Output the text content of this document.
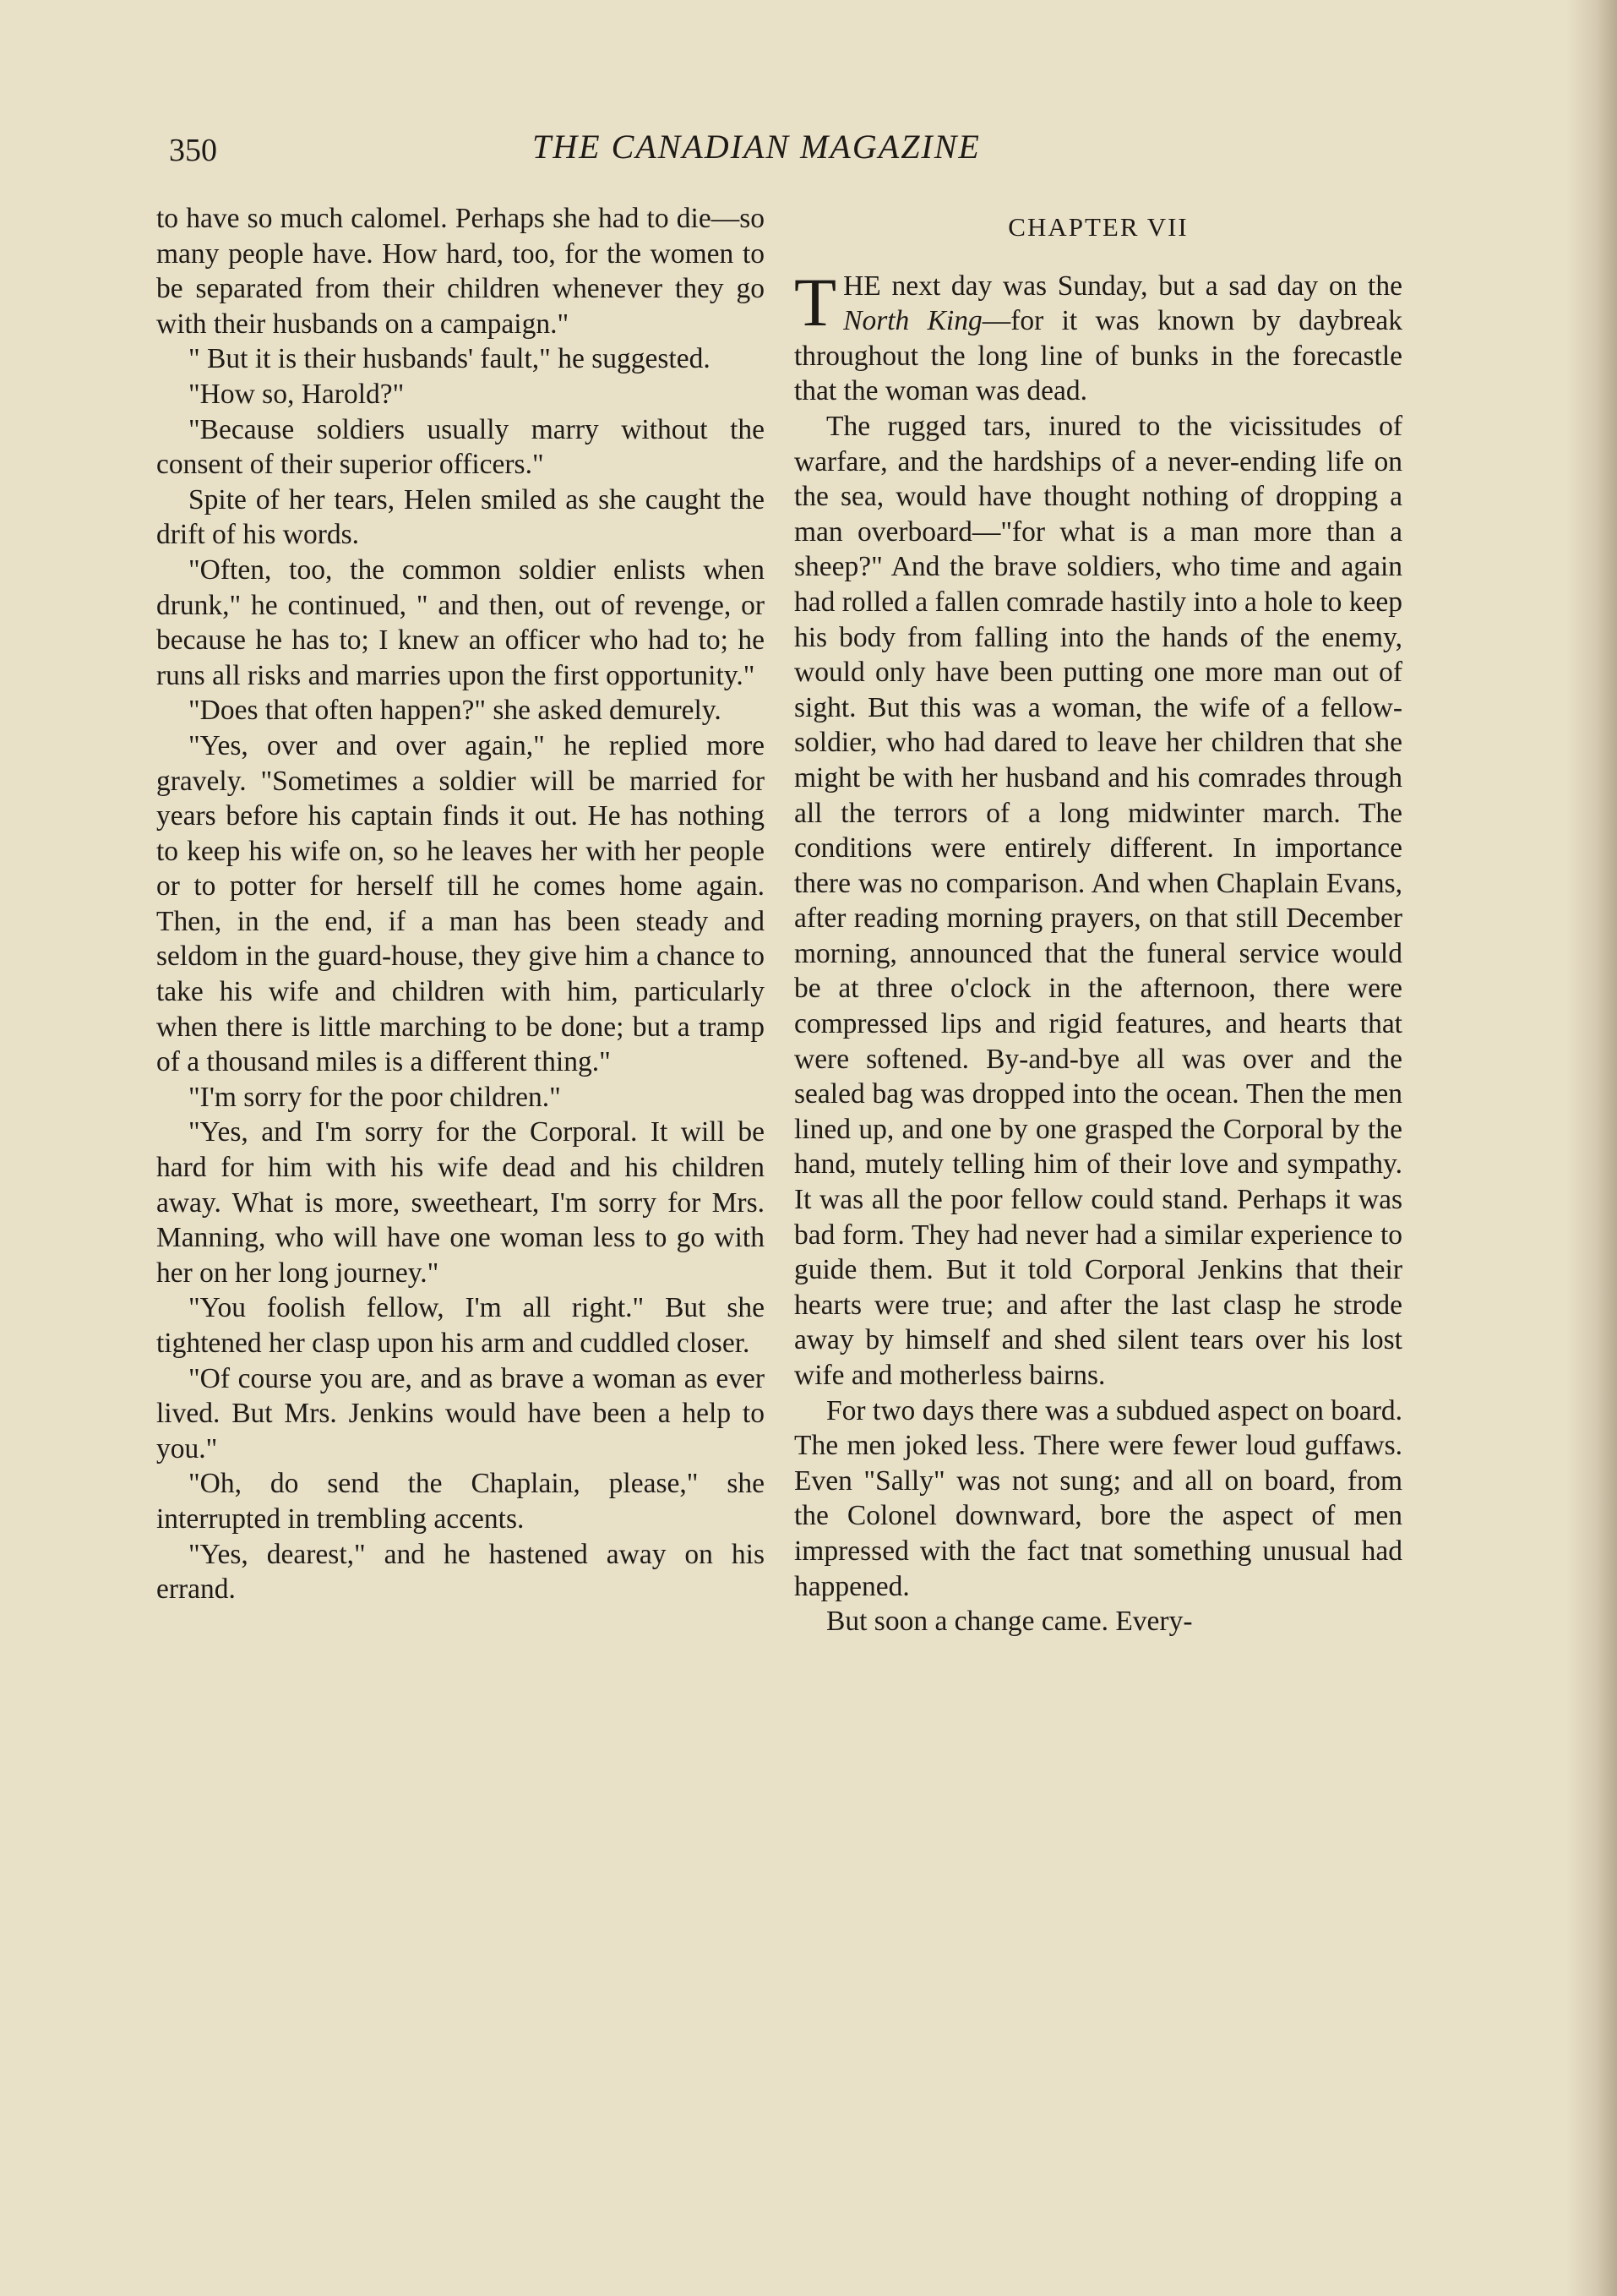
350	THE CANADIAN MAGAZINE

to have so much calomel. Perhaps she had to die—so many people have. How hard, too, for the women to be separated from their children whenever they go with their husbands on a campaign."

" But it is their husbands' fault," he suggested.

"How so, Harold?"

"Because soldiers usually marry without the consent of their superior officers."

Spite of her tears, Helen smiled as she caught the drift of his words.

"Often, too, the common soldier enlists when drunk," he continued, " and then, out of revenge, or because he has to; I knew an officer who had to; he runs all risks and marries upon the first opportunity."

"Does that often happen?" she asked demurely.

"Yes, over and over again," he replied more gravely. "Sometimes a soldier will be married for years before his captain finds it out. He has nothing to keep his wife on, so he leaves her with her people or to potter for herself till he comes home again. Then, in the end, if a man has been steady and seldom in the guard-house, they give him a chance to take his wife and children with him, particularly when there is little marching to be done; but a tramp of a thousand miles is a different thing."

"I'm sorry for the poor children."

"Yes, and I'm sorry for the Corporal. It will be hard for him with his wife dead and his children away. What is more, sweetheart, I'm sorry for Mrs. Manning, who will have one woman less to go with her on her long journey."

"You foolish fellow, I'm all right." But she tightened her clasp upon his arm and cuddled closer.

"Of course you are, and as brave a woman as ever lived. But Mrs. Jenkins would have been a help to you."

"Oh, do send the Chaplain, please," she interrupted in trembling accents.

"Yes, dearest," and he hastened away on his errand.

CHAPTER VII

THE next day was Sunday, but a sad day on the North King—for it was known by daybreak throughout the long line of bunks in the forecastle that the woman was dead.

The rugged tars, inured to the vicissitudes of warfare, and the hardships of a never-ending life on the sea, would have thought nothing of dropping a man overboard—"for what is a man more than a sheep?" And the brave soldiers, who time and again had rolled a fallen comrade hastily into a hole to keep his body from falling into the hands of the enemy, would only have been putting one more man out of sight. But this was a woman, the wife of a fellow-soldier, who had dared to leave her children that she might be with her husband and his comrades through all the terrors of a long midwinter march. The conditions were entirely different. In importance there was no comparison. And when Chaplain Evans, after reading morning prayers, on that still December morning, announced that the funeral service would be at three o'clock in the afternoon, there were compressed lips and rigid features, and hearts that were softened. By-and-bye all was over and the sealed bag was dropped into the ocean. Then the men lined up, and one by one grasped the Corporal by the hand, mutely telling him of their love and sympathy. It was all the poor fellow could stand. Perhaps it was bad form. They had never had a similar experience to guide them. But it told Corporal Jenkins that their hearts were true; and after the last clasp he strode away by himself and shed silent tears over his lost wife and motherless bairns.

For two days there was a subdued aspect on board. The men joked less. There were fewer loud guffaws. Even "Sally" was not sung; and all on board, from the Colonel downward, bore the aspect of men impressed with the fact tnat something unusual had happened.

But soon a change came. Every-
